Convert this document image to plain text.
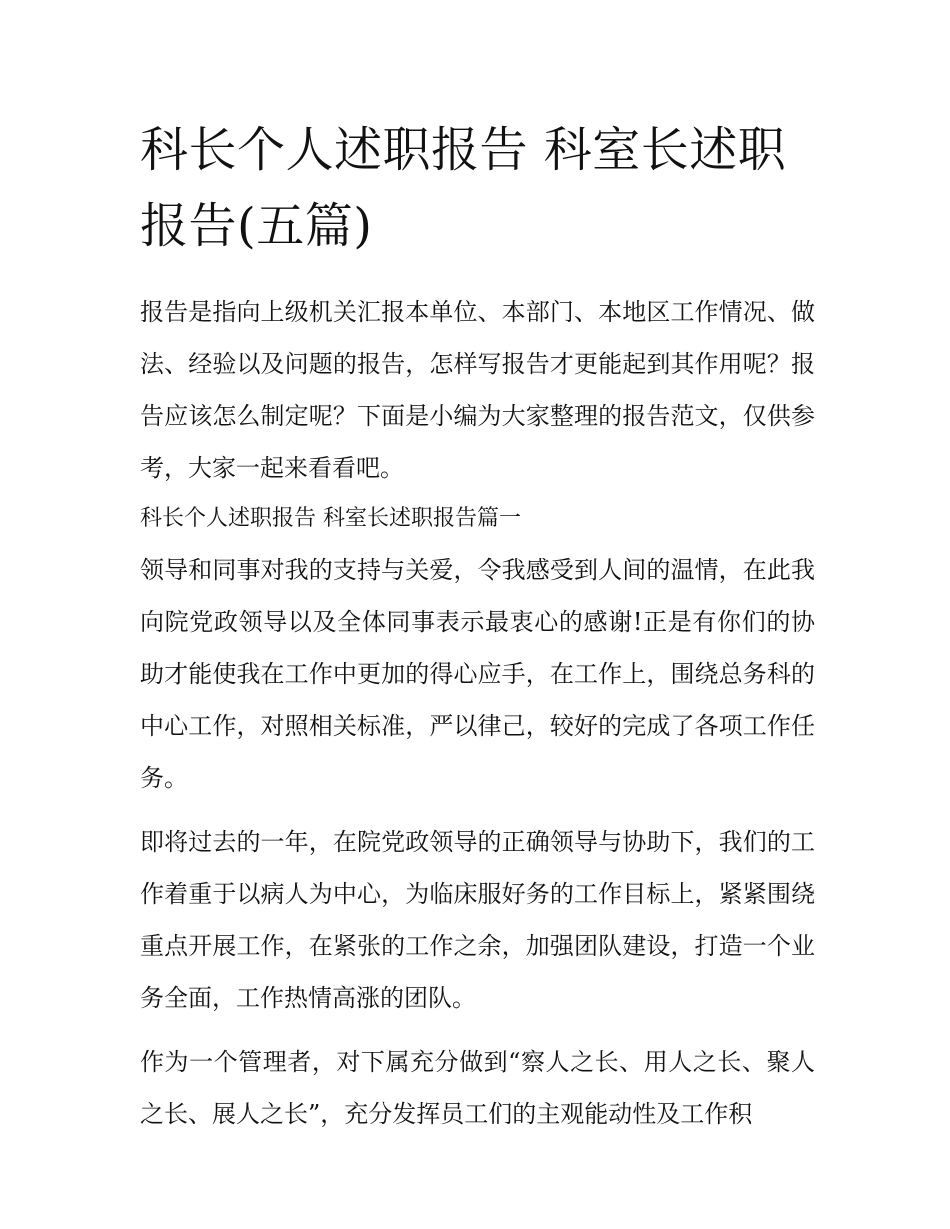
科长个人述职报告 科室长述职报告(五篇)

报告是指向上级机关汇报本单位、本部门、本地区工作情况、做法、经验以及问题的报告，怎样写报告才更能起到其作用呢？报告应该怎么制定呢？下面是小编为大家整理的报告范文，仅供参考，大家一起来看看吧。

科长个人述职报告 科室长述职报告篇一

领导和同事对我的支持与关爱，令我感受到人间的温情，在此我向院党政领导以及全体同事表示最衷心的感谢!正是有你们的协助才能使我在工作中更加的得心应手，在工作上，围绕总务科的中心工作，对照相关标准，严以律己，较好的完成了各项工作任务。

即将过去的一年，在院党政领导的正确领导与协助下，我们的工作着重于以病人为中心，为临床服好务的工作目标上，紧紧围绕重点开展工作，在紧张的工作之余，加强团队建设，打造一个业务全面，工作热情高涨的团队。

作为一个管理者，对下属充分做到“察人之长、用人之长、聚人之长、展人之长”，充分发挥员工们的主观能动性及工作积
